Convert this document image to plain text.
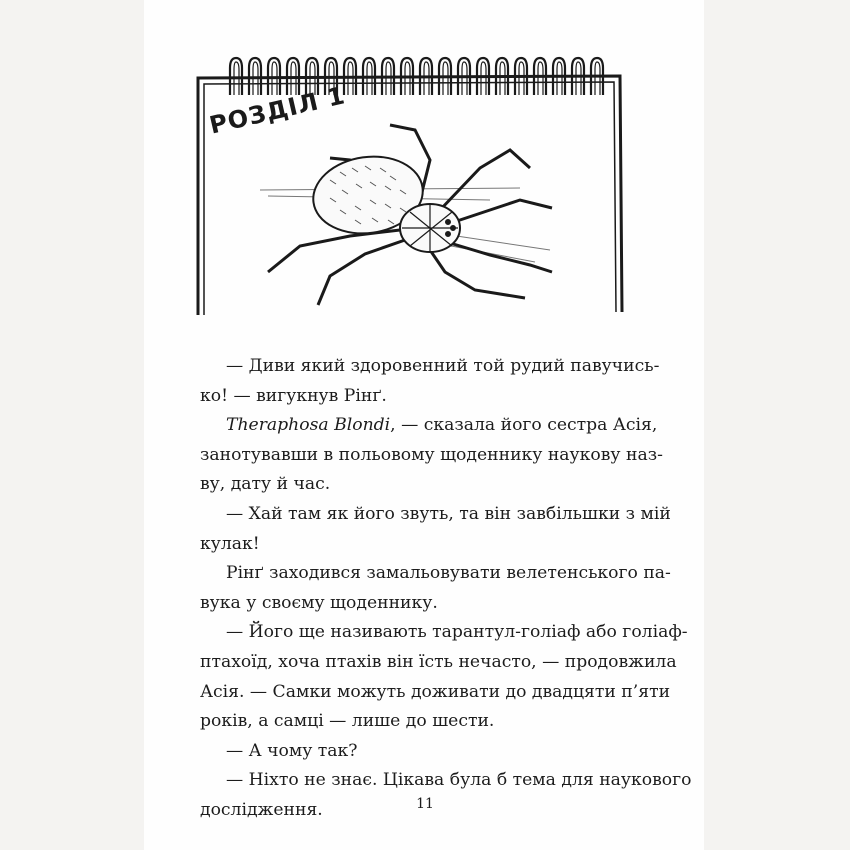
РОЗДІЛ 1

— Диви який здоровенний той рудий павучись-
ко! — вигукнув Рінґ.

Theraphosa Blondi, — сказала його сестра Асія,
занотувавши в польовому щоденнику наукову наз-
ву, дату й час.

— Хай там як його звуть, та він завбільшки з мій
кулак!

Рінґ заходився замальовувати велетенського па-
вука у своєму щоденнику.

— Його ще називають тарантул-голіаф або голіаф-
птахоїд, хоча птахів він їсть нечасто, — продовжила
Асія. — Самки можуть доживати до двадцяти п’яти
років, а самці — лише до шести.

— А чому так?

— Ніхто не знає. Цікава була б тема для наукового
дослідження.	11
